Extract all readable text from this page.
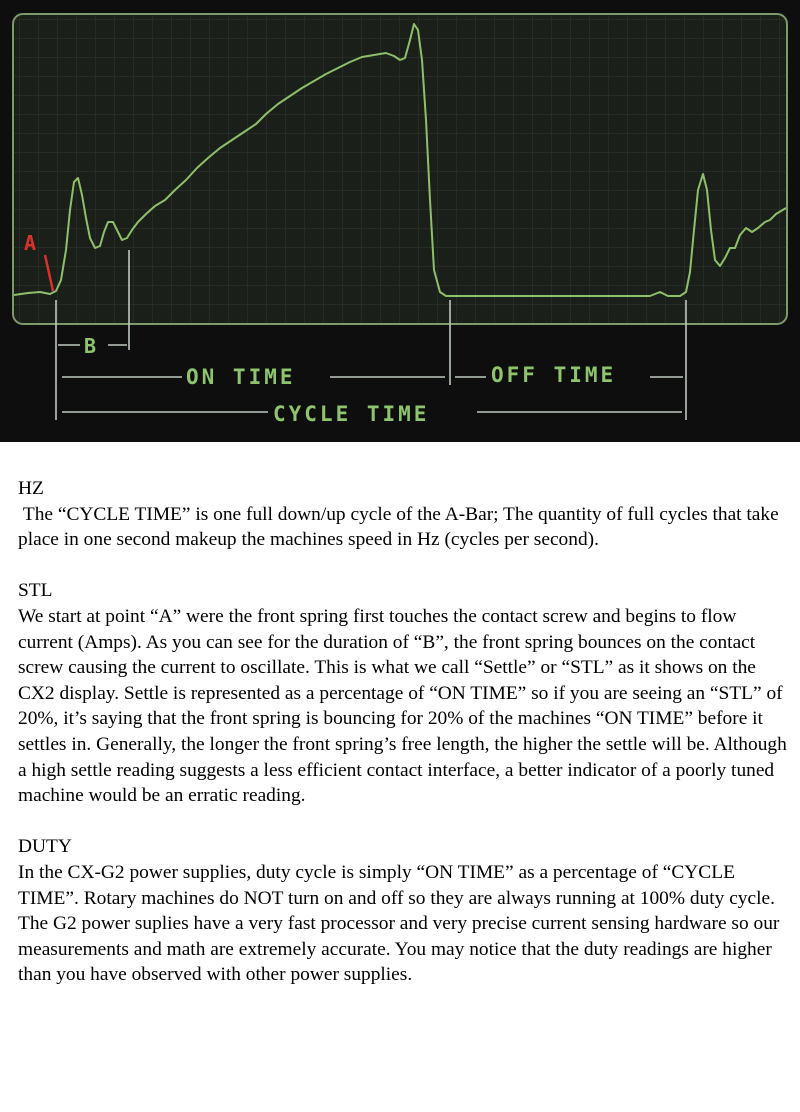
A
B
ON TIME	OFF TIME
CYCLE TIME
HZ

The “CYCLE TIME” is one full down/up cycle of the A-Bar; The quantity of full cycles that take place in one second makeup the machines speed in Hz (cycles per second).

STL

We start at point “A” were the front spring first touches the contact screw and begins to flow current (Amps). As you can see for the duration of “B”, the front spring bounces on the contact screw causing the current to oscillate. This is what we call “Settle” or “STL” as it shows on the CX2 display. Settle is represented as a percentage of “ON TIME” so if you are seeing an “STL” of 20%, it’s saying that the front spring is bouncing for 20% of the machines “ON TIME” before it settles in. Generally, the longer the front spring’s free length, the higher the settle will be. Although a high settle reading suggests a less efficient contact interface, a better indicator of a poorly tuned machine would be an erratic reading.

DUTY

In the CX-G2 power supplies, duty cycle is simply “ON TIME” as a percentage of “CYCLE TIME”. Rotary machines do NOT turn on and off so they are always running at 100% duty cycle. The G2 power suplies have a very fast processor and very precise current sensing hardware so our measurements and math are extremely accurate. You may notice that the duty readings are higher than you have observed with other power supplies.
